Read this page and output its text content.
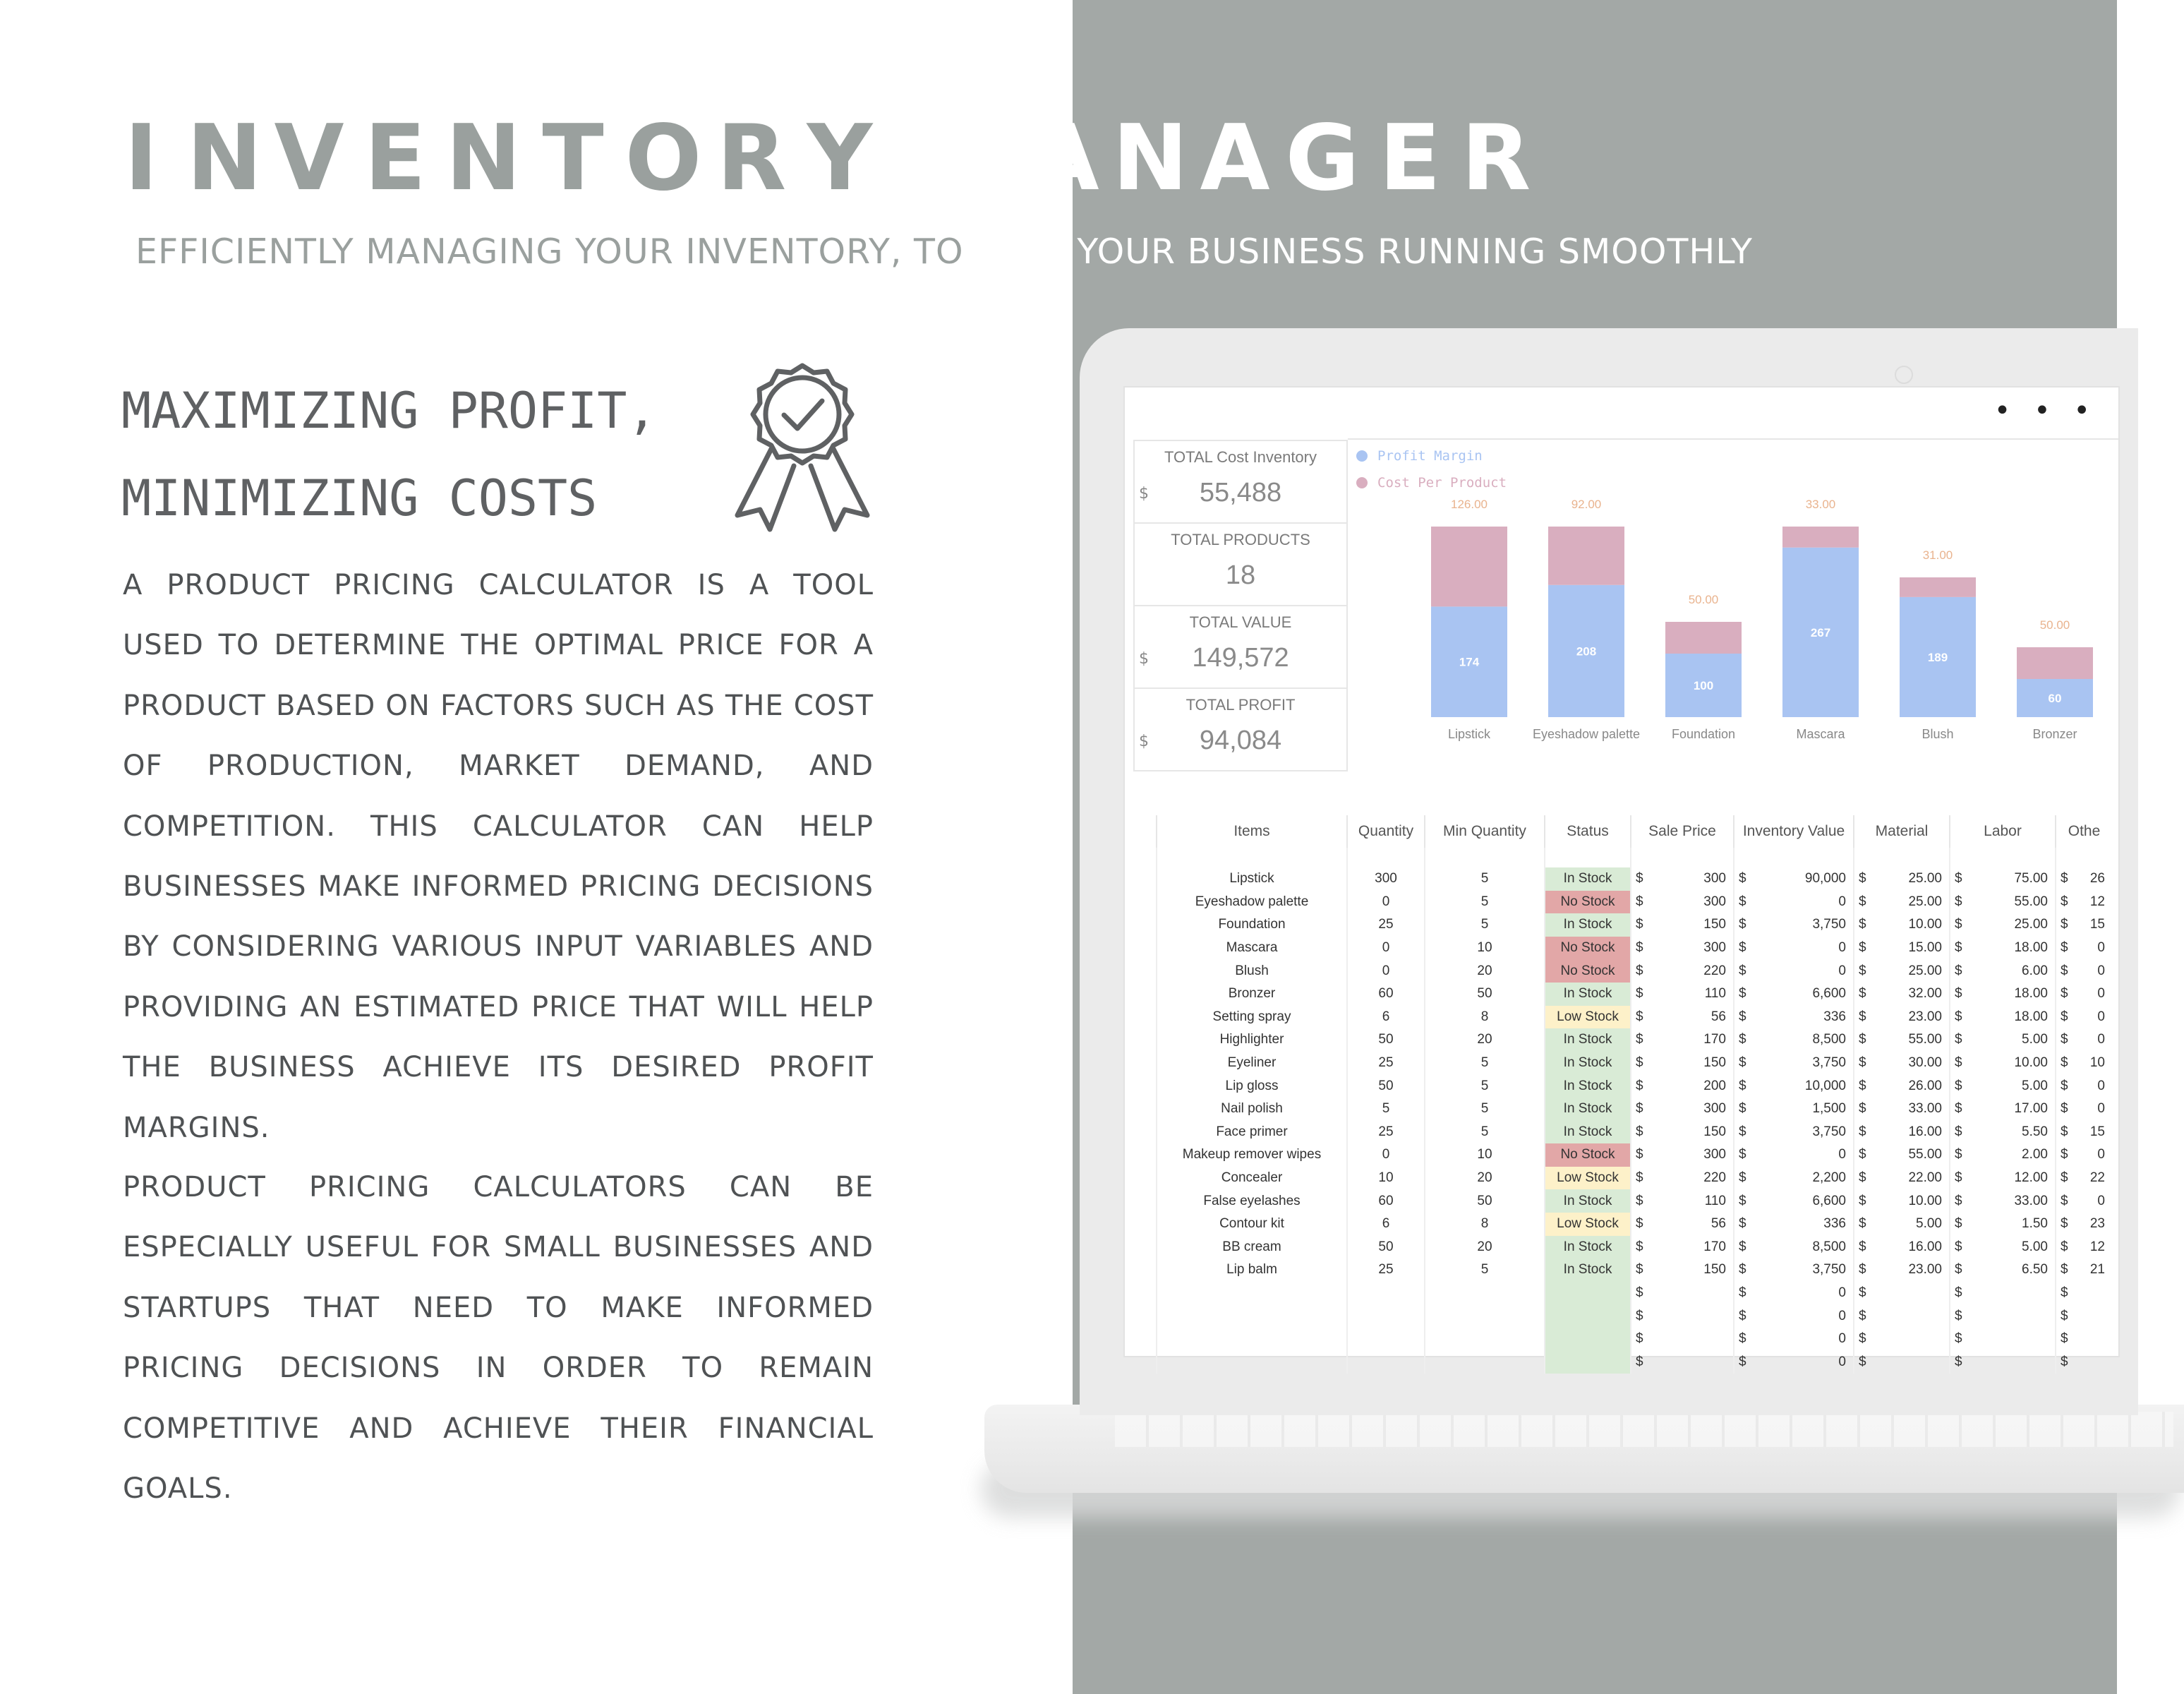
I N V E N T O R Y M A N A G E R
EFFICIENTLY MANAGING YOUR INVENTORY, TO KEEP YOUR BUSINESS RUNNING SMOOTHLY
MAXIMIZING PROFIT,
MINIMIZING COSTS

A PRODUCT PRICING CALCULATOR IS A TOOL USED TO DETERMINE THE OPTIMAL PRICE FOR A PRODUCT BASED ON FACTORS SUCH AS THE COST OF PRODUCTION, MARKET DEMAND, AND COMPETITION. THIS CALCULATOR CAN HELP BUSINESSES MAKE INFORMED PRICING DECISIONS BY CONSIDERING VARIOUS INPUT VARIABLES AND PROVIDING AN ESTIMATED PRICE THAT WILL HELP THE BUSINESS ACHIEVE ITS DESIRED PROFIT MARGINS.

PRODUCT PRICING CALCULATORS CAN BE ESPECIALLY USEFUL FOR SMALL BUSINESSES AND STARTUPS THAT NEED TO MAKE INFORMED PRICING DECISIONS IN ORDER TO REMAIN COMPETITIVE AND ACHIEVE THEIR FINANCIAL GOALS.

• • •
TOTAL Cost Inventory
$	55,488
TOTAL PRODUCTS
18
TOTAL VALUE
$	149,572
TOTAL PROFIT
$	94,084
174
126.00
Lipstick
208
92.00
Eyeshadow palette
100
50.00
Foundation
267
33.00
Mascara
189
31.00
Blush
60
50.00
Bronzer
Profit Margin
Cost Per Product
Items	Quantity	Min Quantity	Status	Sale Price	Inventory Value	Material	Labor	Othe

Lipstick	300	5	In Stock	$ 300	$ 90,000	$ 25.00	$ 75.00	$ 26

Eyeshadow palette	0	5	No Stock	$ 300	$ 0	$ 25.00	$ 55.00	$ 12

Foundation	25	5	In Stock	$ 150	$ 3,750	$ 10.00	$ 25.00	$ 15

Mascara	0	10	No Stock	$ 300	$ 0	$ 15.00	$ 18.00	$ 0

Blush	0	20	No Stock	$ 220	$ 0	$ 25.00	$ 6.00	$ 0

Bronzer	60	50	In Stock	$ 110	$ 6,600	$ 32.00	$ 18.00	$ 0

Setting spray	6	8	Low Stock	$ 56	$ 336	$ 23.00	$ 18.00	$ 0

Highlighter	50	20	In Stock	$ 170	$ 8,500	$ 55.00	$ 5.00	$ 0

Eyeliner	25	5	In Stock	$ 150	$ 3,750	$ 30.00	$ 10.00	$ 10

Lip gloss	50	5	In Stock	$ 200	$ 10,000	$ 26.00	$ 5.00	$ 0

Nail polish	5	5	In Stock	$ 300	$ 1,500	$ 33.00	$ 17.00	$ 0

Face primer	25	5	In Stock	$ 150	$ 3,750	$ 16.00	$ 5.50	$ 15

Makeup remover wipes	0	10	No Stock	$ 300	$ 0	$ 55.00	$ 2.00	$ 0

Concealer	10	20	Low Stock	$ 220	$ 2,200	$ 22.00	$ 12.00	$ 22

False eyelashes	60	50	In Stock	$ 110	$ 6,600	$ 10.00	$ 33.00	$ 0

Contour kit	6	8	Low Stock	$ 56	$ 336	$ 5.00	$ 1.50	$ 23

BB cream	50	20	In Stock	$ 170	$ 8,500	$ 16.00	$ 5.00	$ 12

Lip balm	25	5	In Stock	$ 150	$ 3,750	$ 23.00	$ 6.50	$ 21

				$	$ 0	$	$	$

				$	$ 0	$	$	$

				$	$ 0	$	$	$

				$	$ 0	$	$	$
